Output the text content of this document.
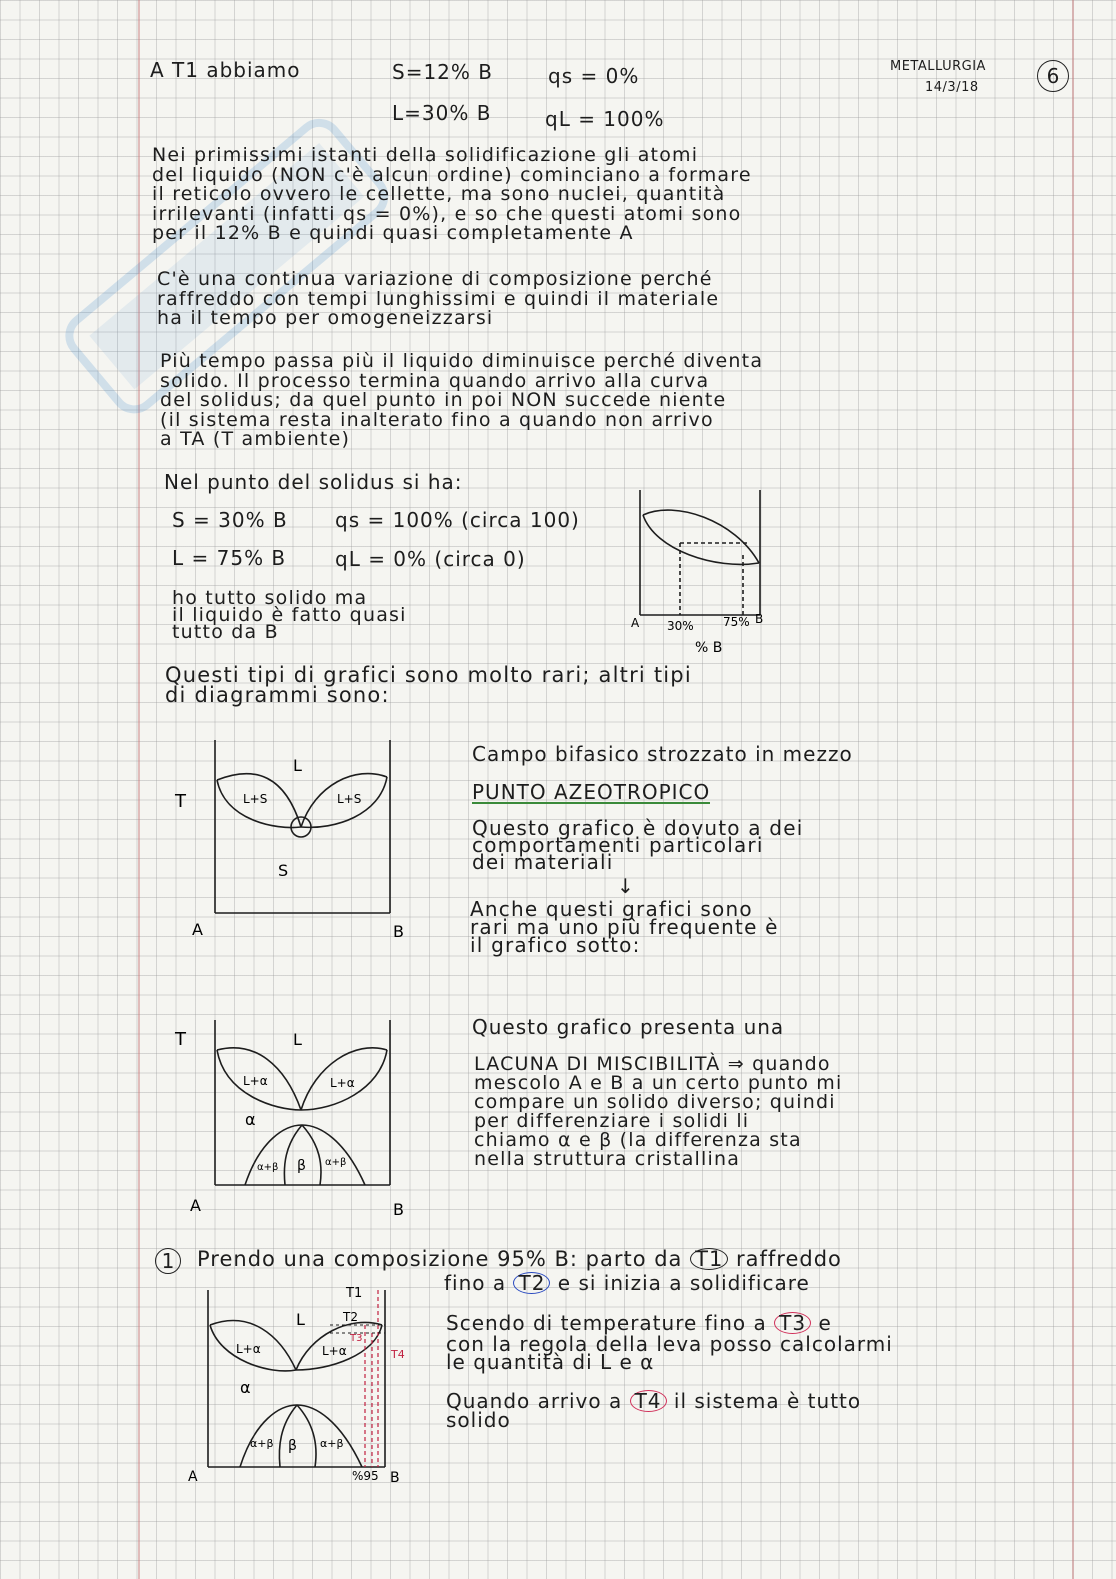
METALLURGIA
14/3/18	6
A T1 abbiamo	S=12% B	qs = 0%
L=30% B	qL = 100%
Nei primissimi istanti della solidificazione gli atomi
del liquido (NON c'è alcun ordine) cominciano a formare
il reticolo ovvero le cellette, ma sono nuclei, quantità
irrilevanti (infatti qs = 0%), e so che questi atomi sono
per il 12% B e quindi quasi completamente A
C'è una continua variazione di composizione perché
raffreddo con tempi lunghissimi e quindi il materiale
ha il tempo per omogeneizzarsi
Più tempo passa più il liquido diminuisce perché diventa
solido. Il processo termina quando arrivo alla curva
del solidus; da quel punto in poi NON succede niente
(il sistema resta inalterato fino a quando non arrivo
a TA (T ambiente)
Nel punto del solidus si ha:
S = 30% B qs = 100% (circa 100)
L = 75% B qL = 0% (circa 0)
ho tutto solido ma
il liquido è fatto quasi
tutto da B	A 30% 75% B
% B
Questi tipi di grafici sono molto rari; altri tipi
di diagrammi sono:
T
L
L+S	L+S
S
A	B
Campo bifasico strozzato in mezzo
PUNTO AZEOTROPICO
Questo grafico è dovuto a dei
comportamenti particolari
dei materiali
↓
Anche questi grafici sono
rari ma uno più frequente è
il grafico sotto:
T	L
L+α	L+α
α
α+β β α+β
A	B
Questo grafico presenta una
LACUNA DI MISCIBILITÀ ⇒ quando
mescolo A e B a un certo punto mi
compare un solido diverso; quindi
per differenziare i solidi li
chiamo α e β (la differenza sta
nella struttura cristallina
1	Prendo una composizione 95% B: parto da T1 raffreddo
fino a T2 e si inizia a solidificare
Scendo di temperature fino a T3 e
con la regola della leva posso calcolarmi
le quantità di L e α
Quando arrivo a T4 il sistema è tutto
solido
T1
T2
T3
T4
L
L+α	L+α
α
α+β β α+β
A	%95 B
